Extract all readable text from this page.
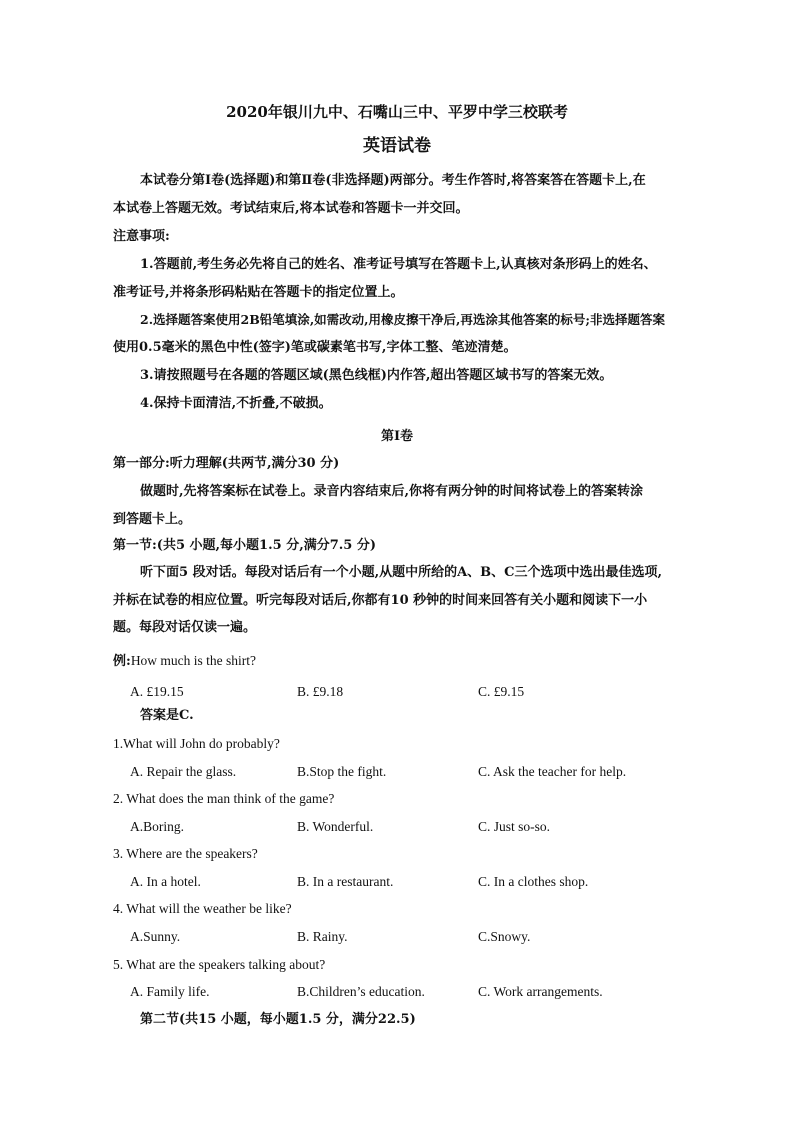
2020年银川九中、石嘴山三中、平罗中学三校联考
英语试卷
本试卷分第Ⅰ卷(选择题)和第Ⅱ卷(非选择题)两部分。考生作答时,将答案答在答题卡上,在
本试卷上答题无效。考试结束后,将本试卷和答题卡一并交回。
注意事项:
1.答题前,考生务必先将自己的姓名、准考证号填写在答题卡上,认真核对条形码上的姓名、
准考证号,并将条形码粘贴在答题卡的指定位置上。
2.选择题答案使用2B铅笔填涂,如需改动,用橡皮擦干净后,再选涂其他答案的标号;非选择题答案
使用0.5毫米的黑色中性(签字)笔或碳素笔书写,字体工整、笔迹清楚。
3.请按照题号在各题的答题区域(黑色线框)内作答,超出答题区域书写的答案无效。
4.保持卡面清洁,不折叠,不破损。
第Ⅰ卷
第一部分:听力理解(共两节,满分30 分)
做题时,先将答案标在试卷上。录音内容结束后,你将有两分钟的时间将试卷上的答案转涂
到答题卡上。
第一节:(共5 小题,每小题1.5 分,满分7.5 分)
听下面5 段对话。每段对话后有一个小题,从题中所给的A、B、C三个选项中选出最佳选项,
并标在试卷的相应位置。听完每段对话后,你都有10 秒钟的时间来回答有关小题和阅读下一小
题。每段对话仅读一遍。
例:How much is the shirt?
A. £19.15	B. £9.18	C. £9.15
答案是C.
1.What will John do probably?
A. Repair the glass.	B.Stop the fight.	C. Ask the teacher for help.
2. What does the man think of the game?
A.Boring.	B. Wonderful.	C. Just so-so.
3. Where are the speakers?
A. In a hotel.	B. In a restaurant.	C. In a clothes shop.
4. What will the weather be like?
A.Sunny.	B. Rainy.	C.Snowy.
5. What are the speakers talking about?
A. Family life.	B.Children’s education.	C. Work arrangements.
第二节(共15 小题，每小题1.5 分，满分22.5)
